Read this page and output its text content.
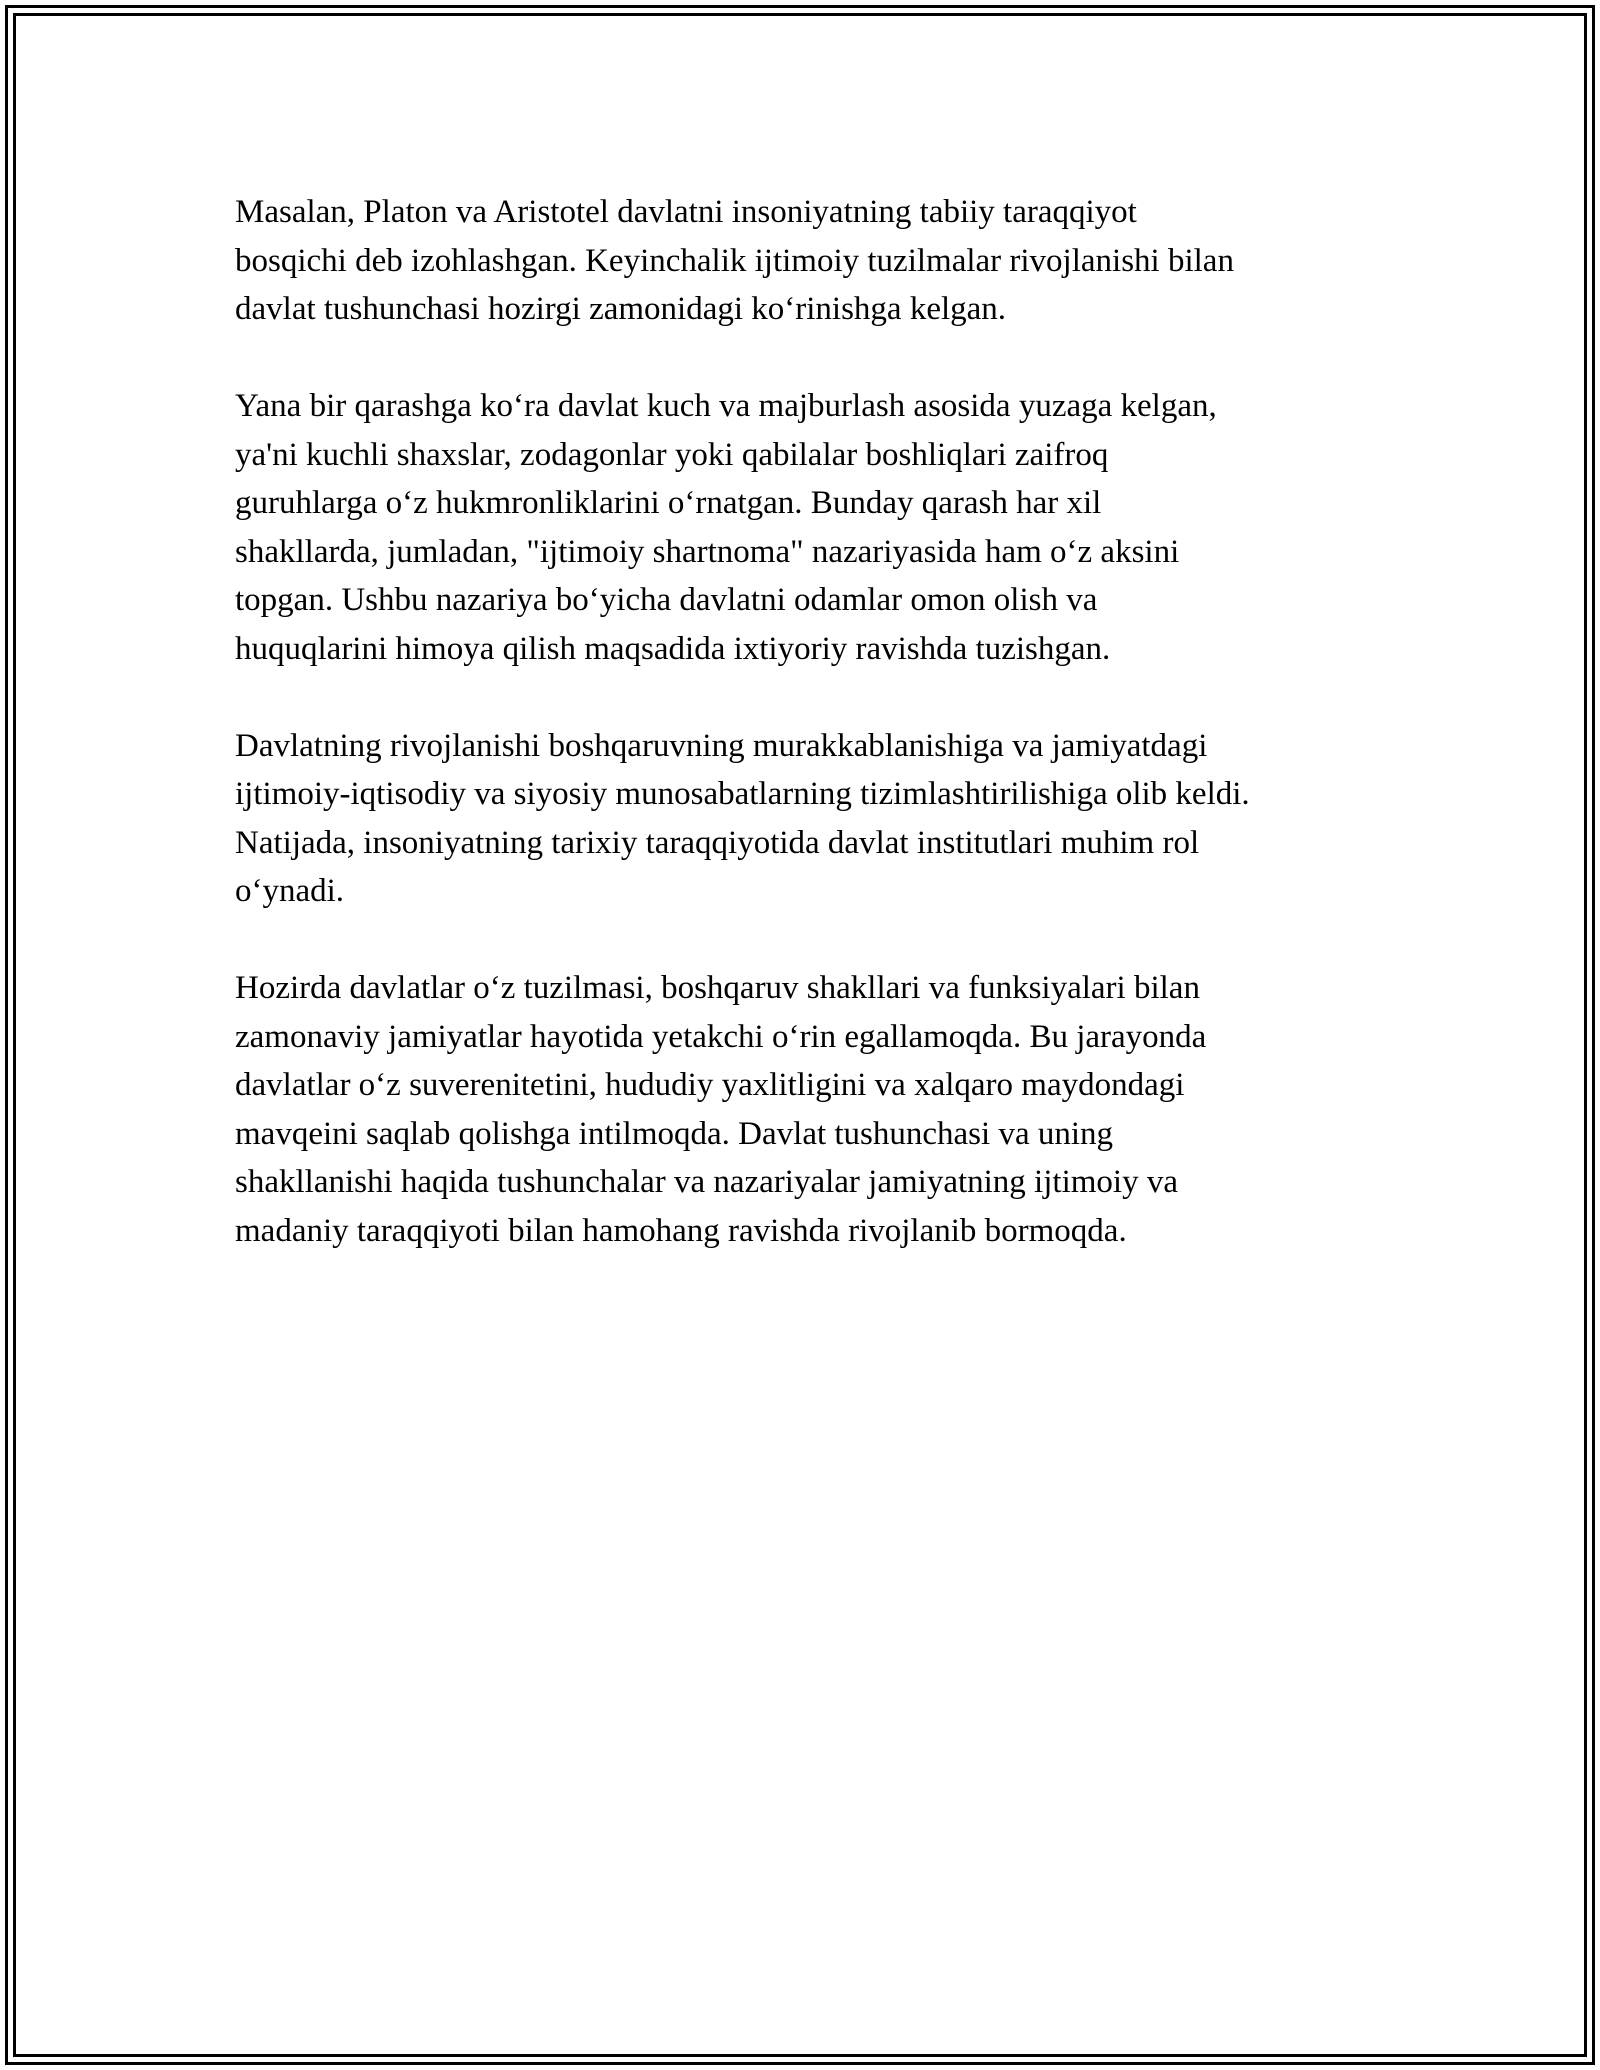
Masalan, Platon va Aristotel davlatni insoniyatning tabiiy taraqqiyot
bosqichi deb izohlashgan. Keyinchalik ijtimoiy tuzilmalar rivojlanishi bilan
davlat tushunchasi hozirgi zamonidagi koʻrinishga kelgan.

Yana bir qarashga koʻra davlat kuch va majburlash asosida yuzaga kelgan,
ya'ni kuchli shaxslar, zodagonlar yoki qabilalar boshliqlari zaifroq
guruhlarga oʻz hukmronliklarini oʻrnatgan. Bunday qarash har xil
shakllarda, jumladan, "ijtimoiy shartnoma" nazariyasida ham oʻz aksini
topgan. Ushbu nazariya boʻyicha davlatni odamlar omon olish va
huquqlarini himoya qilish maqsadida ixtiyoriy ravishda tuzishgan.

Davlatning rivojlanishi boshqaruvning murakkablanishiga va jamiyatdagi
ijtimoiy-iqtisodiy va siyosiy munosabatlarning tizimlashtirilishiga olib keldi.
Natijada, insoniyatning tarixiy taraqqiyotida davlat institutlari muhim rol
oʻynadi.

Hozirda davlatlar oʻz tuzilmasi, boshqaruv shakllari va funksiyalari bilan
zamonaviy jamiyatlar hayotida yetakchi oʻrin egallamoqda. Bu jarayonda
davlatlar oʻz suverenitetini, hududiy yaxlitligini va xalqaro maydondagi
mavqeini saqlab qolishga intilmoqda. Davlat tushunchasi va uning
shakllanishi haqida tushunchalar va nazariyalar jamiyatning ijtimoiy va
madaniy taraqqiyoti bilan hamohang ravishda rivojlanib bormoqda.
